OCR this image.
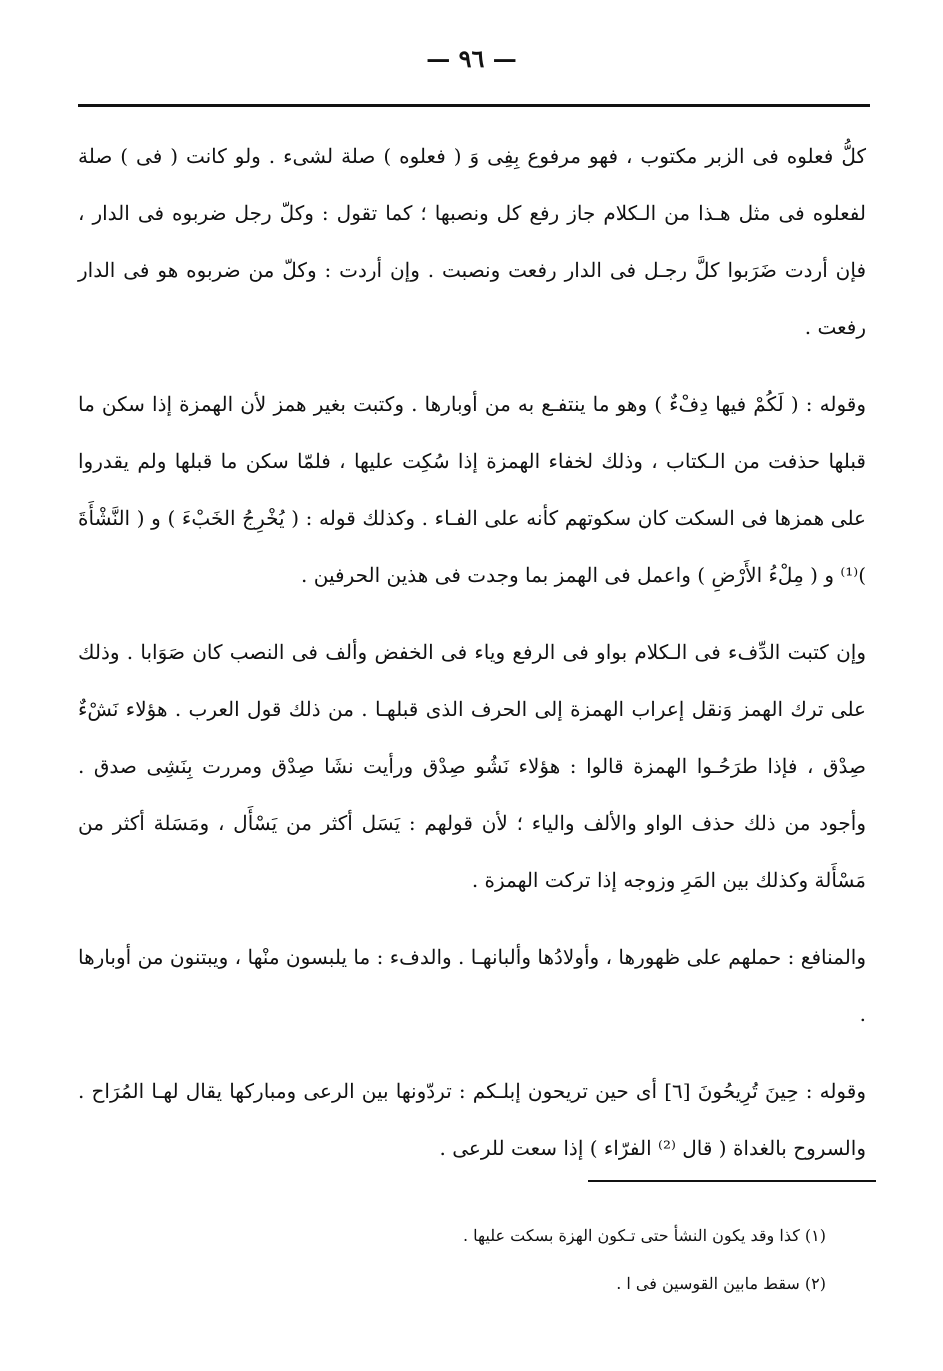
— ٩٦ —

كلُّ فعلوه فى الزبر مكتوب ، فهو مرفوع بِفِى وَ ( فعلوه ) صلة لشىء . ولو كانت ( فى ) صلة لفعلوه فى مثل هـذا من الـكلام جاز رفع كل ونصبها ؛ كما تقول : وكلّ رجل ضربوه فى الدار ، فإن أردت ضَرَبوا كلَّ رجـل فى الدار رفعت ونصبت . وإن أردت : وكلّ من ضربوه هو فى الدار رفعت .

وقوله : ( لَكُمْ فيها دِفْءٌ ) وهو ما ينتفـع به من أوبارها . وكتبت بغير همز لأن الهمزة إذا سكن ما قبلها حذفت من الـكتاب ، وذلك لخفاء الهمزة إذا سُكِت عليها ، فلمّا سكن ما قبلها ولم يقدروا على همزها فى السكت كان سكوتهم كأنه على الفـاء . وكذلك قوله : ( يُخْرِجُ الخَبْءَ ) و ( النَّشْأَةَ )⁽¹⁾ و ( مِلْءُ الأَرْضِ ) واعمل فى الهمز بما وجدت فى هذين الحرفين .

وإن كتبت الدِّفء فى الـكلام بواو فى الرفع وياء فى الخفض وألف فى النصب كان صَوَابا . وذلك على ترك الهمز وَنقل إعراب الهمزة إلى الحرف الذى قبلهـا . من ذلك قول العرب . هؤلاء نَشْءٌ صِدْق ، فإذا طرَحُـوا الهمزة قالوا : هؤلاء نَشُو صِدْق ورأيت نشَا صِدْق ومررت بِنَشِى صدق . وأجود من ذلك حذف الواو والألف والياء ؛ لأن قولهم : يَسَل أكثر من يَسْأَل ، ومَسَلة أكثر من مَسْأَلة وكذلك بين المَرِ وزوجه إذا تركت الهمزة .

والمنافع : حملهم على ظهورها ، وأولادُها وألبانهـا . والدفء : ما يلبسون منْها ، ويبتنون من أوبارها .

وقوله : حِينَ تُرِيحُونَ [٦] أى حين تريحون إبلـكم : تردّونها بين الرعى ومباركها يقال لهـا المُرَاح . والسروح بالغداة ( قال ⁽²⁾ الفرّاء ) إذا سعت للرعى .

(١) كذا وقد يكون النشأ حتى تـكون الهزة بسكت عليها .
(٢) سقط مابين القوسين فى ا .
